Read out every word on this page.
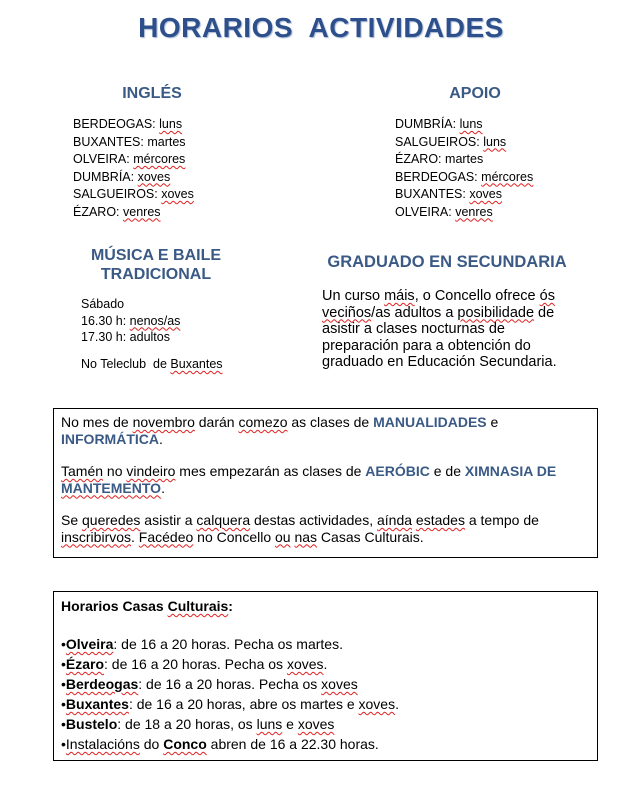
HORARIOS  ACTIVIDADES
INGLÉS
BERDEOGAS: luns
BUXANTES: martes
OLVEIRA: mércores
DUMBRÍA: xoves
SALGUEIROS: xoves
ÉZARO: venres
APOIO
DUMBRÍA: luns
SALGUEIROS: luns
ÉZARO: martes
BERDEOGAS: mércores
BUXANTES: xoves
OLVEIRA: venres
MÚSICA E BAILE
TRADICIONAL
Sábado
16.30 h: nenos/as
17.30 h: adultos
No Teleclub  de Buxantes
GRADUADO EN SECUNDARIA
Un curso máis, o Concello ofrece ós
veciños/as adultos a posibilidade de
asistir a clases nocturnas de
preparación para a obtención do
graduado en Educación Secundaria.

No mes de novembro darán comezo as clases de MANUALIDADES e

INFORMÁTICA.

Tamén no vindeiro mes empezarán as clases de AERÓBIC e de XIMNASIA DE

MANTEMENTO.

Se queredes asistir a calquera destas actividades, aínda estades a tempo de

inscribirvos. Facédeo no Concello ou nas Casas Culturais.

Horarios Casas Culturais:

•Olveira: de 16 a 20 horas. Pecha os martes.

•Ézaro: de 16 a 20 horas. Pecha os xoves.

•Berdeogas: de 16 a 20 horas. Pecha os xoves

•Buxantes: de 16 a 20 horas, abre os martes e xoves.

•Bustelo: de 18 a 20 horas, os luns e xoves

•Instalacións do Conco abren de 16 a 22.30 horas.
